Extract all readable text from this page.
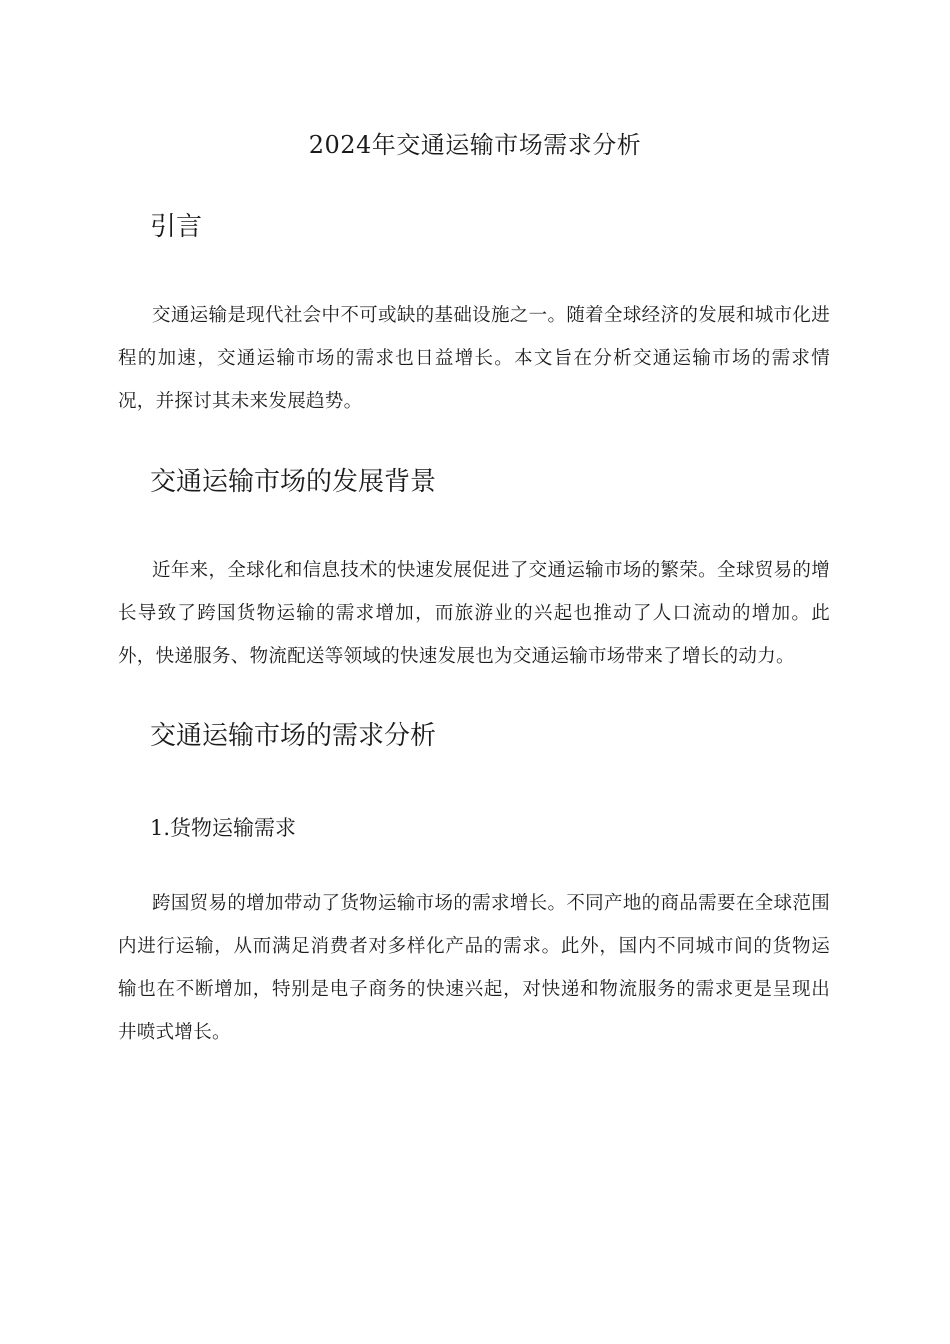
2024年交通运输市场需求分析
引言

交通运输是现代社会中不可或缺的基础设施之一。随着全球经济的发展和城市化进程的加速，交通运输市场的需求也日益增长。本文旨在分析交通运输市场的需求情况，并探讨其未来发展趋势。

交通运输市场的发展背景

近年来，全球化和信息技术的快速发展促进了交通运输市场的繁荣。全球贸易的增长导致了跨国货物运输的需求增加，而旅游业的兴起也推动了人口流动的增加。此外，快递服务、物流配送等领域的快速发展也为交通运输市场带来了增长的动力。

交通运输市场的需求分析
1.货物运输需求

跨国贸易的增加带动了货物运输市场的需求增长。不同产地的商品需要在全球范围内进行运输，从而满足消费者对多样化产品的需求。此外，国内不同城市间的货物运输也在不断增加，特别是电子商务的快速兴起，对快递和物流服务的需求更是呈现出井喷式增长。
